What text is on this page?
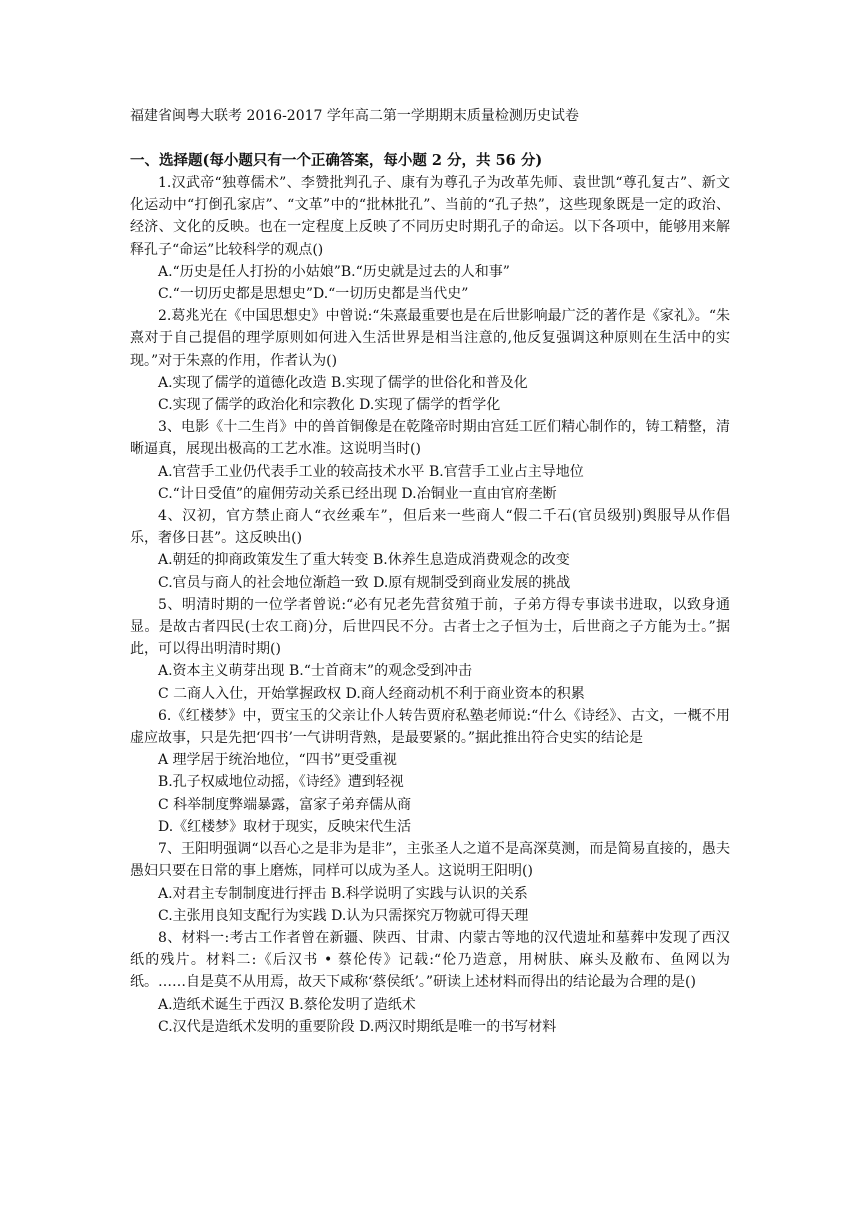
福建省闽粤大联考 2016-2017 学年高二第一学期期末质量检测历史试卷
一、选择题(每小题只有一个正确答案，每小题 2 分，共 56 分)

1.汉武帝“独尊儒术”、李赞批判孔子、康有为尊孔子为改革先师、袁世凯“尊孔复古”、新文化运动中“打倒孔家店”、“文革”中的“批林批孔”、当前的“孔子热”，这些现象既是一定的政治、经济、文化的反映。也在一定程度上反映了不同历史时期孔子的命运。以下各项中，能够用来解释孔子“命运”比较科学的观点()

A.“历史是任人打扮的小姑娘”B.“历史就是过去的人和事”

C.“一切历史都是思想史”D.“一切历史都是当代史”

2.葛兆光在《中国思想史》中曾说:“朱熹最重要也是在后世影响最广泛的著作是《家礼》。“朱熹对于自己提倡的理学原则如何进入生活世界是相当注意的,他反复强调这种原则在生活中的实现。”对于朱熹的作用，作者认为()

A.实现了儒学的道德化改造 B.实现了儒学的世俗化和普及化

C.实现了儒学的政治化和宗教化 D.实现了儒学的哲学化

3、电影《十二生肖》中的兽首铜像是在乾隆帝时期由宫廷工匠们精心制作的，铸工精整，清晰逼真，展现出极高的工艺水准。这说明当时()

A.官营手工业仍代表手工业的较高技术水平 B.官营手工业占主导地位

C.“计日受值”的雇佣劳动关系已经出现 D.冶铜业一直由官府垄断

4、汉初，官方禁止商人“衣丝乘车”，但后来一些商人“假二千石(官员级别)舆服导从作倡乐，奢侈日甚”。这反映出()

A.朝廷的抑商政策发生了重大转变 B.休养生息造成消费观念的改变

C.官员与商人的社会地位渐趋一致 D.原有规制受到商业发展的挑战

5、明清时期的一位学者曾说:“必有兄老先营贫殖于前，子弟方得专事读书进取，以致身通显。是故古者四民(士农工商)分，后世四民不分。古者士之子恒为士，后世商之子方能为士。”据此，可以得出明清时期()

A.资本主义萌芽出现 B.“士首商末”的观念受到冲击

C 二商人入仕，开始掌握政权 D.商人经商动机不利于商业资本的积累

6.《红楼梦》中，贾宝玉的父亲让仆人转告贾府私塾老师说:“什么《诗经》、古文，一概不用虚应故事，只是先把‘四书’一气讲明背熟，是最要紧的。”据此推出符合史实的结论是

A 理学居于统治地位，“四书”更受重视

B.孔子权威地位动摇，《诗经》遭到轻视

C 科举制度弊端暴露，富家子弟弃儒从商

D.《红楼梦》取材于现实，反映宋代生活

7、王阳明强调“以吾心之是非为是非”，主张圣人之道不是高深莫测，而是简易直接的，愚夫愚妇只要在日常的事上磨炼，同样可以成为圣人。这说明王阳明()

A.对君主专制制度进行抨击 B.科学说明了实践与认识的关系

C.主张用良知支配行为实践 D.认为只需探究万物就可得天理

8、材料一:考古工作者曾在新疆、陕西、甘肃、内蒙古等地的汉代遗址和墓葬中发现了西汉纸的残片。材料二:《后汉书 • 蔡伦传》记载:“伦乃造意，用树肤、麻头及敝布、鱼网以为纸。……自是莫不从用焉，故天下咸称‘蔡侯纸’。”研读上述材料而得出的结论最为合理的是()

A.造纸术诞生于西汉 B.蔡伦发明了造纸术

C.汉代是造纸术发明的重要阶段 D.两汉时期纸是唯一的书写材料
